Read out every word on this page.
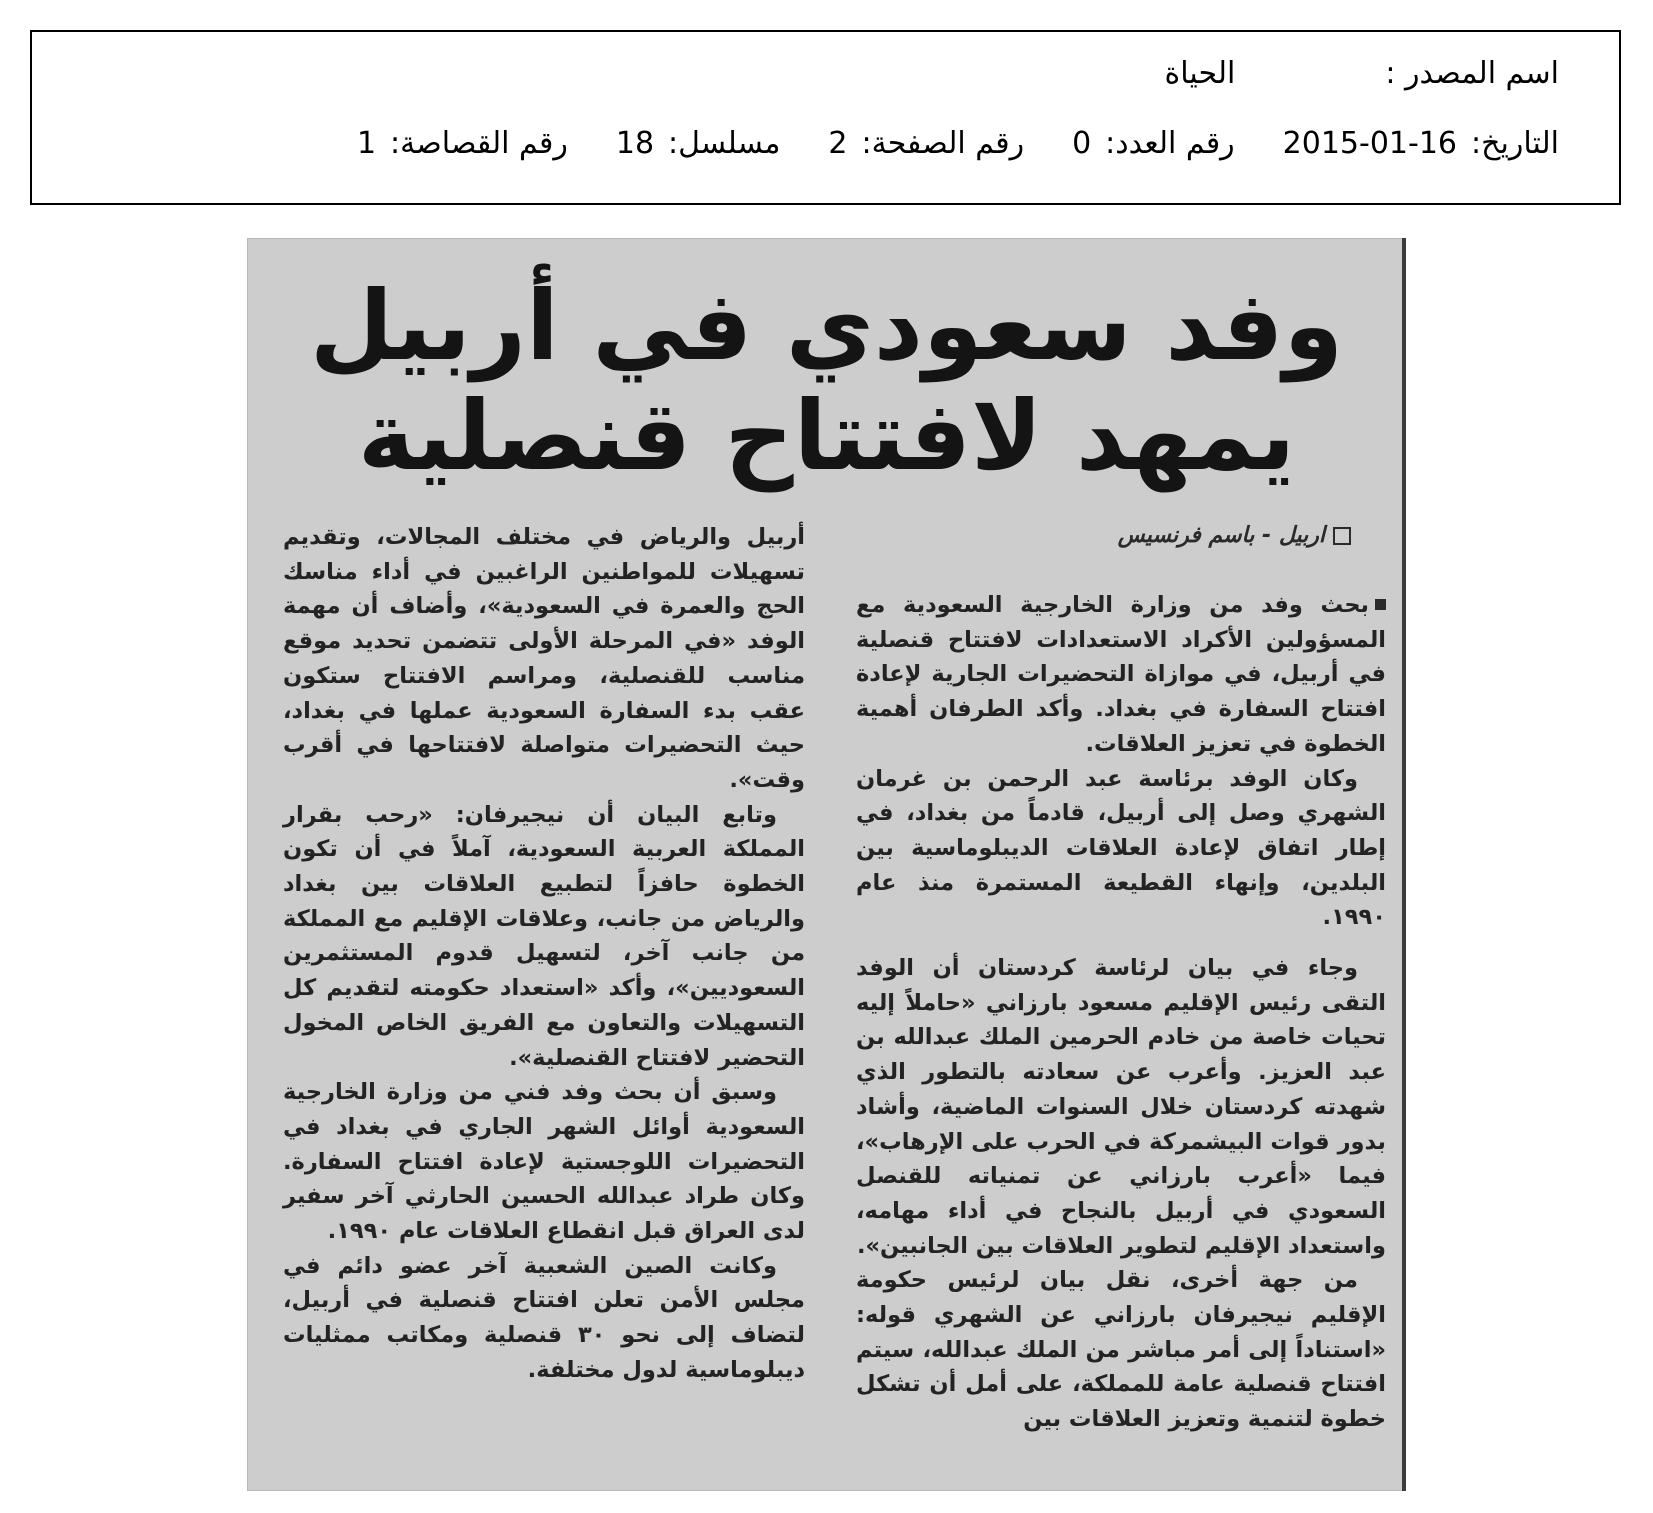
اسم المصدر :الحياة
التاريخ:2015-01-16رقم العدد:0رقم الصفحة:2مسلسل:18رقم القصاصة:1
وفد سعودي في أربيل
يمهد لافتتاح قنصلية
اربيل - باسم فرنسيس

بحث وفد من وزارة الخارجية السعودية مع المسؤولين الأكراد الاستعدادات لافتتاح قنصلية في أربيل، في موازاة التحضيرات الجارية لإعادة افتتاح السفارة في بغداد. وأكد الطرفان أهمية الخطوة في تعزيز العلاقات.

وكان الوفد برئاسة عبد الرحمن بن غرمان الشهري وصل إلى أربيل، قادماً من بغداد، في إطار اتفاق لإعادة العلاقات الديبلوماسية بين البلدين، وإنهاء القطيعة المستمرة منذ عام ١٩٩٠.

وجاء في بيان لرئاسة كردستان أن الوفد التقى رئيس الإقليم مسعود بارزاني «حاملاً إليه تحيات خاصة من خادم الحرمين الملك عبدالله بن عبد العزيز. وأعرب عن سعادته بالتطور الذي شهدته كردستان خلال السنوات الماضية، وأشاد بدور قوات البيشمركة في الحرب على الإرهاب»، فيما «أعرب بارزاني عن تمنياته للقنصل السعودي في أربيل بالنجاح في أداء مهامه، واستعداد الإقليم لتطوير العلاقات بين الجانبين».

من جهة أخرى، نقل بيان لرئيس حكومة الإقليم نيجيرفان بارزاني عن الشهري قوله: «استناداً إلى أمر مباشر من الملك عبدالله، سيتم افتتاح قنصلية عامة للمملكة، على أمل أن تشكل خطوة لتنمية وتعزيز العلاقات بين

أربيل والرياض في مختلف المجالات، وتقديم تسهيلات للمواطنين الراغبين في أداء مناسك الحج والعمرة في السعودية»، وأضاف أن مهمة الوفد «في المرحلة الأولى تتضمن تحديد موقع مناسب للقنصلية، ومراسم الافتتاح ستكون عقب بدء السفارة السعودية عملها في بغداد، حيث التحضيرات متواصلة لافتتاحها في أقرب وقت».

وتابع البيان أن نيجيرفان: «رحب بقرار المملكة العربية السعودية، آملاً في أن تكون الخطوة حافزاً لتطبيع العلاقات بين بغداد والرياض من جانب، وعلاقات الإقليم مع المملكة من جانب آخر، لتسهيل قدوم المستثمرين السعوديين»، وأكد «استعداد حكومته لتقديم كل التسهيلات والتعاون مع الفريق الخاص المخول التحضير لافتتاح القنصلية».

وسبق أن بحث وفد فني من وزارة الخارجية السعودية أوائل الشهر الجاري في بغداد في التحضيرات اللوجستية لإعادة افتتاح السفارة. وكان طراد عبدالله الحسين الحارثي آخر سفير لدى العراق قبل انقطاع العلاقات عام ١٩٩٠.

وكانت الصين الشعبية آخر عضو دائم في مجلس الأمن تعلن افتتاح قنصلية في أربيل، لتضاف إلى نحو ٣٠ قنصلية ومكاتب ممثليات ديبلوماسية لدول مختلفة.
